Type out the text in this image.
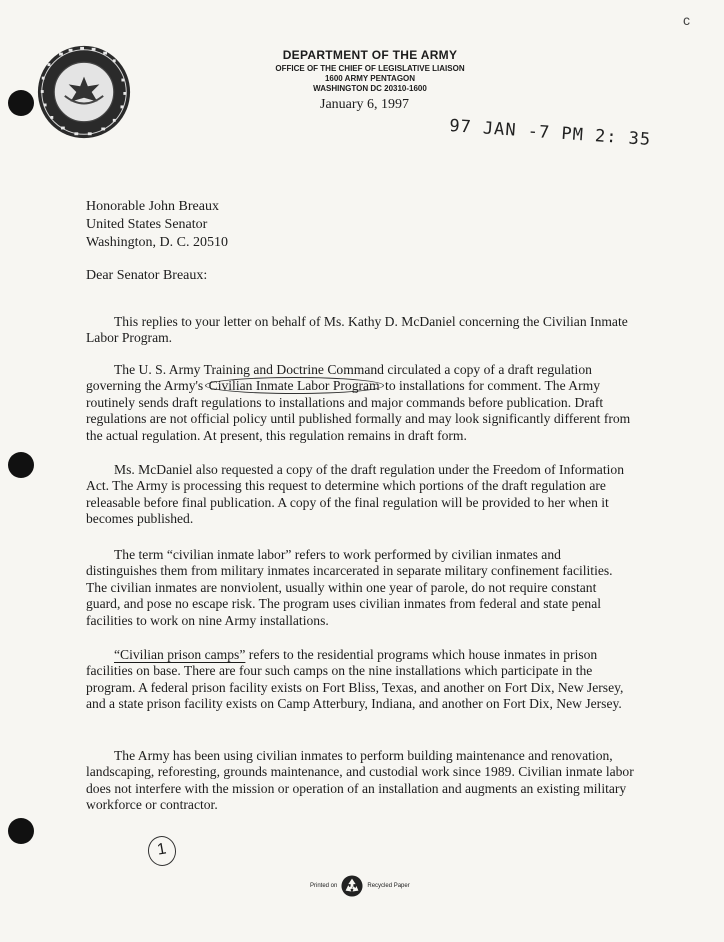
c
DEPARTMENT OF THE ARMY
OFFICE OF THE CHIEF OF LEGISLATIVE LIAISON
1600 ARMY PENTAGON
WASHINGTON DC 20310-1600
January 6, 1997
97 JAN -7 PM 2: 35
Honorable John Breaux
United States Senator
Washington, D. C. 20510
Dear Senator Breaux:

This replies to your letter on behalf of Ms. Kathy D. McDaniel concerning the Civilian Inmate Labor Program.

The U. S. Army Training and Doctrine Command circulated a copy of a draft regulation governing the Army's Civilian Inmate Labor Program to installations for comment. The Army routinely sends draft regulations to installations and major commands before publication. Draft regulations are not official policy until published formally and may look significantly different from the actual regulation. At present, this regulation remains in draft form.

Ms. McDaniel also requested a copy of the draft regulation under the Freedom of Information Act. The Army is processing this request to determine which portions of the draft regulation are releasable before final publication. A copy of the final regulation will be provided to her when it becomes published.

The term “civilian inmate labor” refers to work performed by civilian inmates and distinguishes them from military inmates incarcerated in separate military confinement facilities. The civilian inmates are nonviolent, usually within one year of parole, do not require constant guard, and pose no escape risk. The program uses civilian inmates from federal and state penal facilities to work on nine Army installations.

“Civilian prison camps” refers to the residential programs which house inmates in prison facilities on base. There are four such camps on the nine installations which participate in the program. A federal prison facility exists on Fort Bliss, Texas, and another on Fort Dix, New Jersey, and a state prison facility exists on Camp Atterbury, Indiana, and another on Fort Dix, New Jersey.

The Army has been using civilian inmates to perform building maintenance and renovation, landscaping, reforesting, grounds maintenance, and custodial work since 1989. Civilian inmate labor does not interfere with the mission or operation of an installation and augments an existing military workforce or contractor.

1
Printed on	Recycled Paper
